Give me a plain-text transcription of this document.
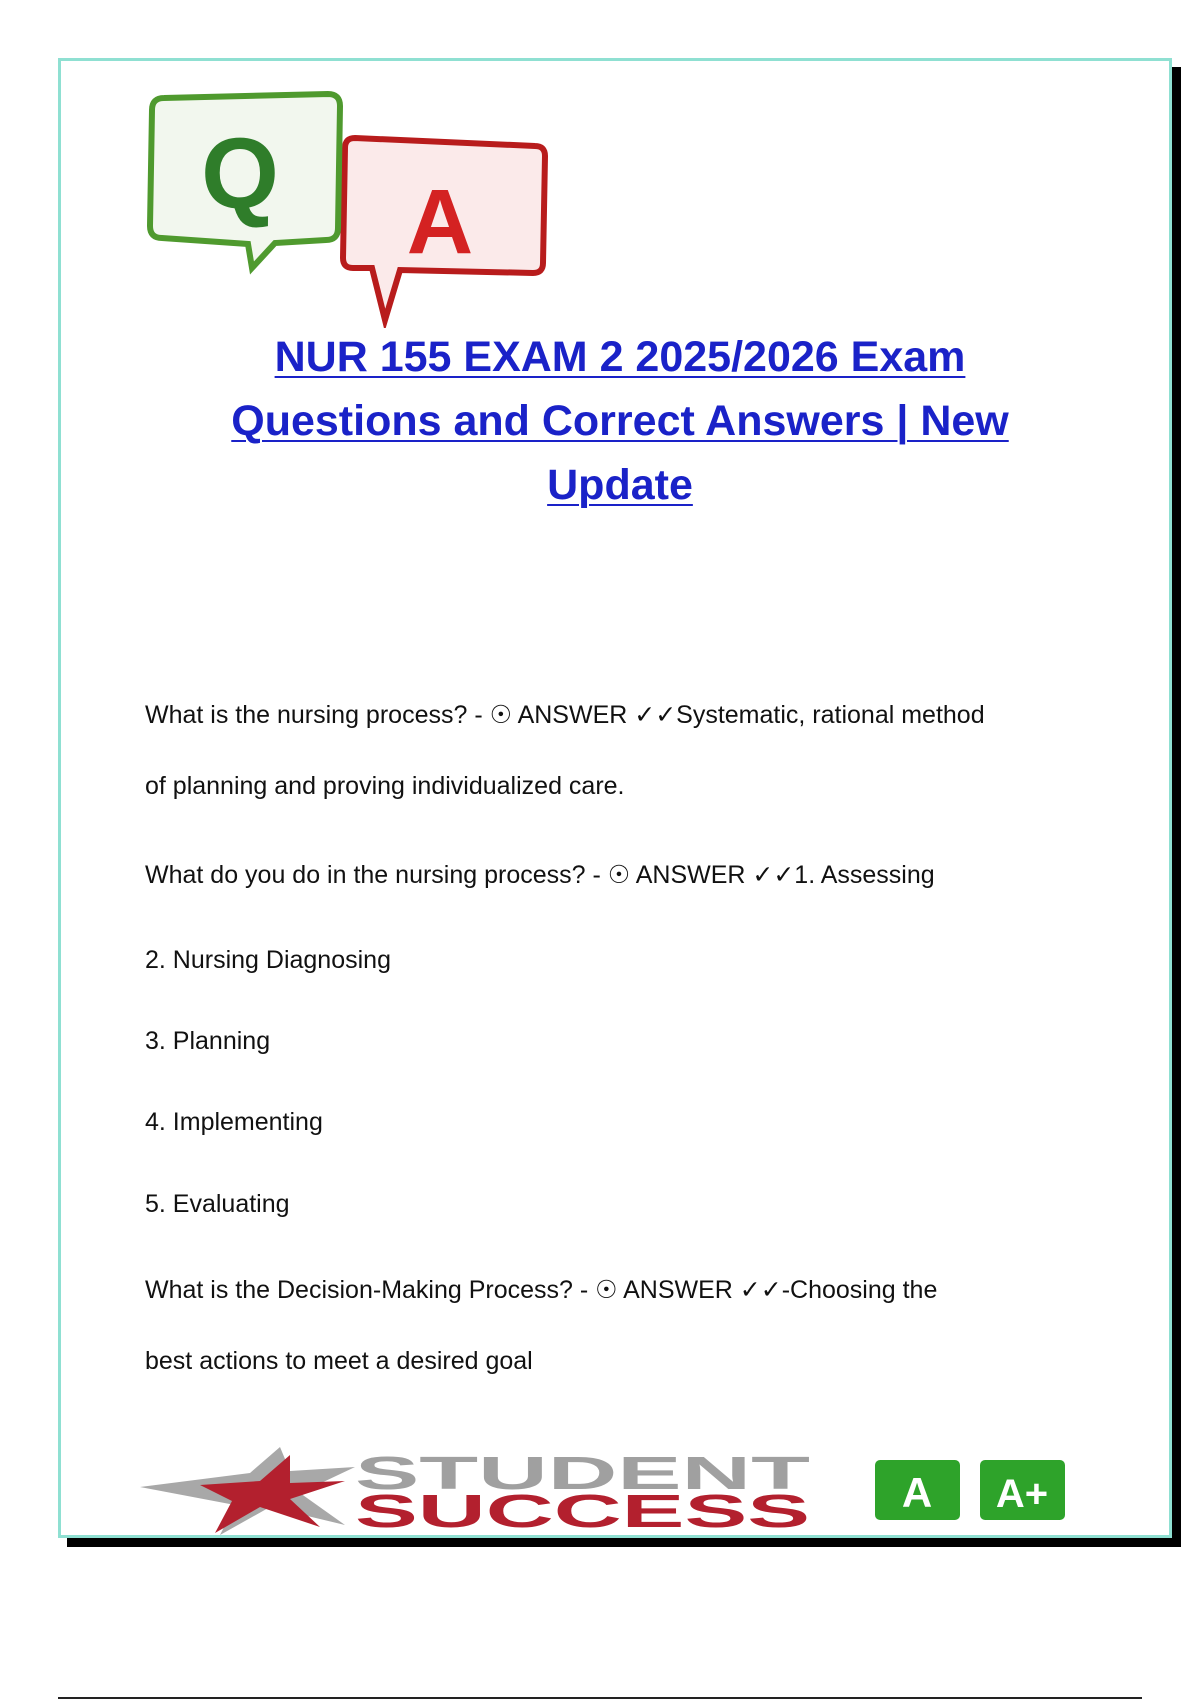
A
Q
NUR 155 EXAM 2 2025/2026 Exam
Questions and Correct Answers | New
Update
What is the nursing process? - ☉ ANSWER ✓✓Systematic, rational method
of planning and proving individualized care.
What do you do in the nursing process? - ☉ ANSWER ✓✓1. Assessing
2. Nursing Diagnosing
3. Planning
4. Implementing
5. Evaluating
What is the Decision-Making Process? - ☉ ANSWER ✓✓-Choosing the
best actions to meet a desired goal
STUDENT
SUCCESS A A+
